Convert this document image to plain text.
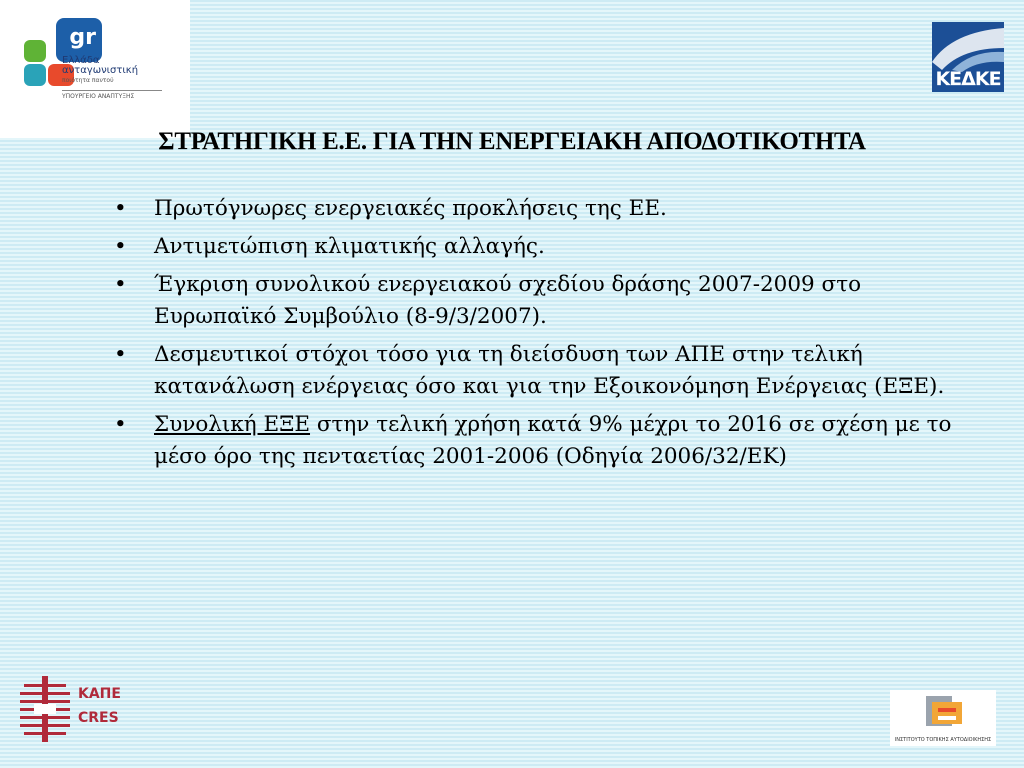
gr
Ελλάδα
ανταγωνιστική
ποιότητα παντού
ΥΠΟΥΡΓΕΙΟ ΑΝΑΠΤΥΞΗΣ
ΚΕΔΚΕ
ΣΤΡΑΤΗΓΙΚΗ Ε.Ε. ΓΙΑ ΤΗΝ ΕΝΕΡΓΕΙΑΚΗ ΑΠΟΔΟΤΙΚΟΤΗΤΑ
• Πρωτόγνωρες ενεργειακές προκλήσεις της ΕΕ.
• Αντιμετώπιση κλιματικής αλλαγής.
• Έγκριση συνολικού ενεργειακού σχεδίου δράσης 2007-2009 στο Ευρωπαϊκό Συμβούλιο (8-9/3/2007).
• Δεσμευτικοί στόχοι τόσο για τη διείσδυση των ΑΠΕ στην τελική κατανάλωση ενέργειας όσο και για την Εξοικονόμηση Ενέργειας (ΕΞΕ).
• Συνολική ΕΞΕ στην τελική χρήση κατά 9% μέχρι το 2016 σε σχέση με το μέσο όρο της πενταετίας 2001-2006 (Οδηγία 2006/32/ΕΚ)
ΚΑΠΕ
CRES
ΙΝΣΤΙΤΟΥΤΟ ΤΟΠΙΚΗΣ ΑΥΤΟΔΙΟΙΚΗΣΗΣ
